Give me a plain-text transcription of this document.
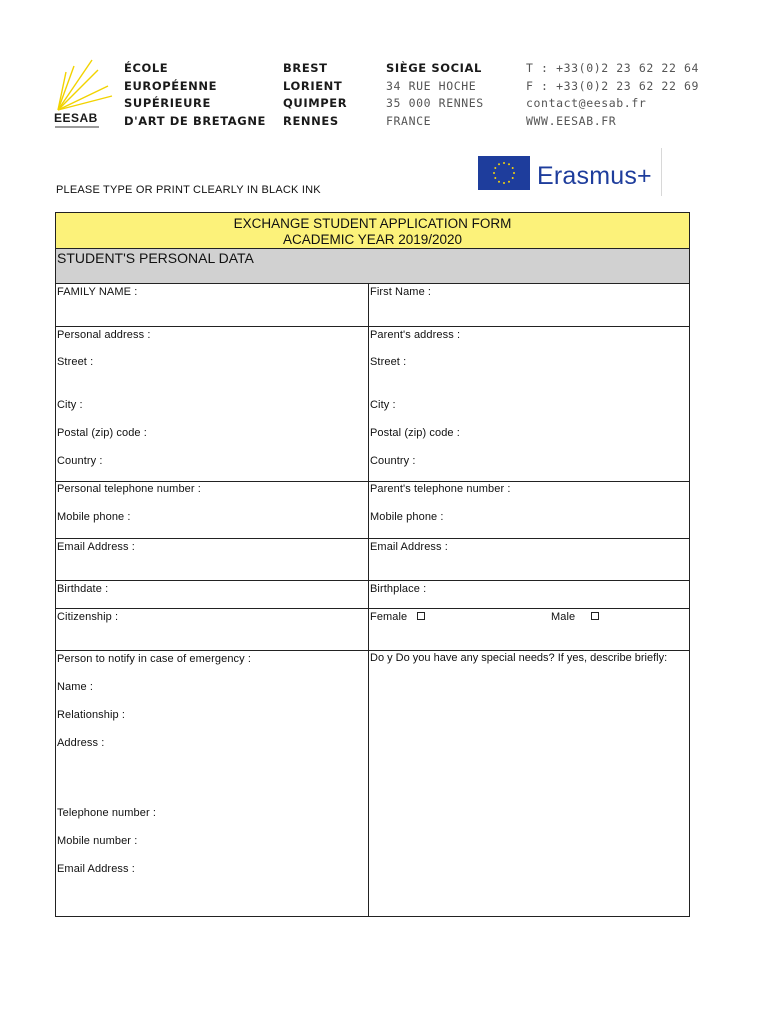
EESAB
ÉCOLE
EUROPÉENNE
SUPÉRIEURE
D'ART DE BRETAGNE
BREST
LORIENT
QUIMPER
RENNES
SIÈGE SOCIAL
34 RUE HOCHE
35 000 RENNES
FRANCE
T : +33(0)2 23 62 22 64
F : +33(0)2 23 62 22 69
contact@eesab.fr
WWW.EESAB.FR
Erasmus+
PLEASE TYPE OR PRINT CLEARLY IN BLACK INK
EXCHANGE STUDENT APPLICATION FORM
ACADEMIC YEAR 2019/2020
STUDENT'S PERSONAL DATA
FAMILY NAME :
Personal address :
Street :
City :
Postal (zip) code :
Country :
Personal telephone number :
Mobile phone :
Email Address :
Birthdate :
Citizenship :
Person to notify in case of emergency :
Name :
Relationship :
Address :
Telephone number :
Mobile number :
Email Address :
First Name :
Parent's address :
Street :
City :
Postal (zip) code :
Country :
Parent's telephone number :
Mobile phone :
Email Address :
Birthplace :
Female	Male
Do y Do you have any special needs? If yes, describe briefly:
